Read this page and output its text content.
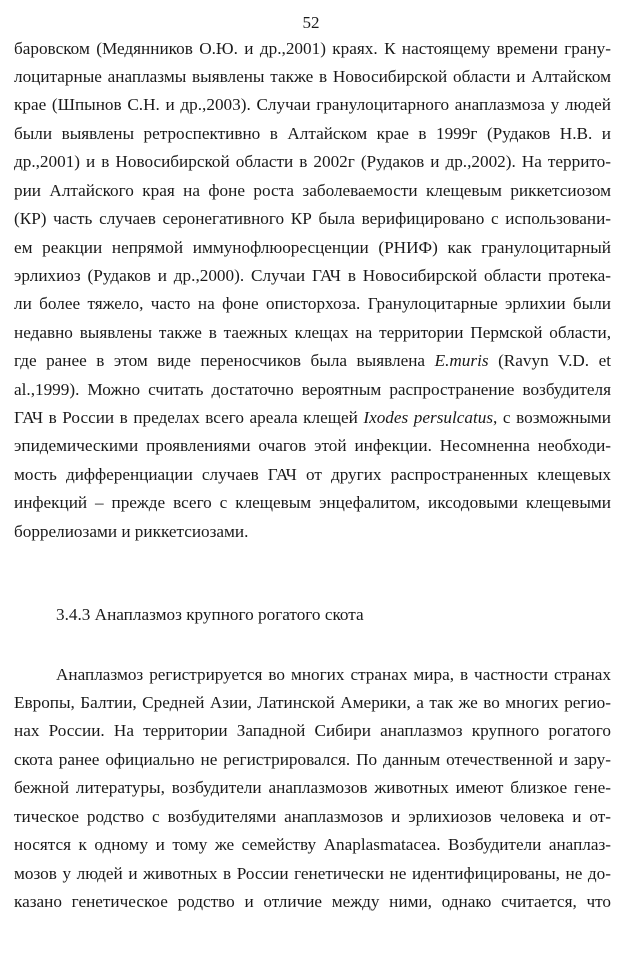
52
баровском (Медянников О.Ю. и др.,2001) краях. К настоящему времени грану-
лоцитарные анаплазмы выявлены также в Новосибирской области и Алтайском
крае (Шпынов С.Н. и др.,2003). Случаи гранулоцитарного анаплазмоза у людей
были выявлены ретроспективно в Алтайском крае в 1999г (Рудаков Н.В. и
др.,2001) и в Новосибирской области в 2002г (Рудаков и др.,2002). На террито-
рии Алтайского края на фоне роста заболеваемости клещевым риккетсиозом
(КР) часть случаев серонегативного КР была верифицировано с использовани-
ем реакции непрямой иммунофлюоресценции (РНИФ) как гранулоцитарный
эрлихиоз (Рудаков и др.,2000). Случаи ГАЧ в Новосибирской области протека-
ли более тяжело, часто на фоне описторхоза. Гранулоцитарные эрлихии были
недавно выявлены также в таежных клещах на территории Пермской области,
где ранее в этом виде переносчиков была выявлена E.muris (Ravyn V.D. et
al.,1999). Можно считать достаточно вероятным распространение возбудителя
ГАЧ в России в пределах всего ареала клещей Ixodes persulcatus, с возможными
эпидемическими проявлениями очагов этой инфекции. Несомненна необходи-
мость дифференциации случаев ГАЧ от других распространенных клещевых
инфекций – прежде всего с клещевым энцефалитом, иксодовыми клещевыми
боррелиозами и риккетсиозами.
3.4.3 Анаплазмоз крупного рогатого скота
Анаплазмоз регистрируется во многих странах мира, в частности странах
Европы, Балтии, Средней Азии, Латинской Америки, а так же во многих регио-
нах России. На территории Западной Сибири анаплазмоз крупного рогатого
скота ранее официально не регистрировался. По данным отечественной и зару-
бежной литературы, возбудители анаплазмозов животных имеют близкое гене-
тическое родство с возбудителями анаплазмозов и эрлихиозов человека и от-
носятся к одному и тому же семейству Anaplasmatacea. Возбудители анаплаз-
мозов у людей и животных в России генетически не идентифицированы, не до-
казано генетическое родство и отличие между ними, однако считается, что
